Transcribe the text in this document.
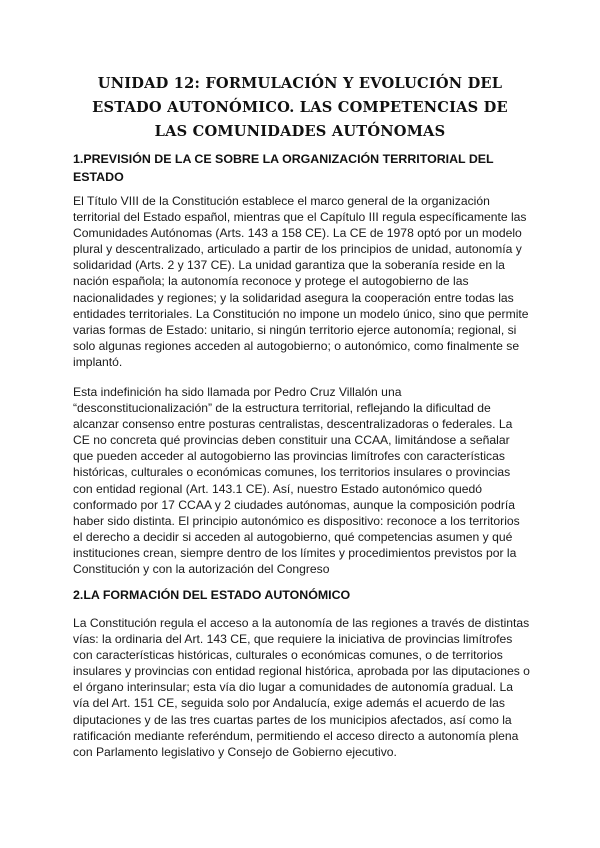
UNIDAD 12: FORMULACIÓN Y EVOLUCIÓN DEL ESTADO AUTONÓMICO. LAS COMPETENCIAS DE LAS COMUNIDADES AUTÓNOMAS
1.PREVISIÓN DE LA CE SOBRE LA ORGANIZACIÓN TERRITORIAL DEL ESTADO

El Título VIII de la Constitución establece el marco general de la organización territorial del Estado español, mientras que el Capítulo III regula específicamente las Comunidades Autónomas (Arts. 143 a 158 CE). La CE de 1978 optó por un modelo plural y descentralizado, articulado a partir de los principios de unidad, autonomía y solidaridad (Arts. 2 y 137 CE). La unidad garantiza que la soberanía reside en la nación española; la autonomía reconoce y protege el autogobierno de las nacionalidades y regiones; y la solidaridad asegura la cooperación entre todas las entidades territoriales. La Constitución no impone un modelo único, sino que permite varias formas de Estado: unitario, si ningún territorio ejerce autonomía; regional, si solo algunas regiones acceden al autogobierno; o autonómico, como finalmente se implantó.

Esta indefinición ha sido llamada por Pedro Cruz Villalón una “desconstitucionalización” de la estructura territorial, reflejando la dificultad de alcanzar consenso entre posturas centralistas, descentralizadoras o federales. La CE no concreta qué provincias deben constituir una CCAA, limitándose a señalar que pueden acceder al autogobierno las provincias limítrofes con características históricas, culturales o económicas comunes, los territorios insulares o provincias con entidad regional (Art. 143.1 CE). Así, nuestro Estado autonómico quedó conformado por 17 CCAA y 2 ciudades autónomas, aunque la composición podría haber sido distinta. El principio autonómico es dispositivo: reconoce a los territorios el derecho a decidir si acceden al autogobierno, qué competencias asumen y qué instituciones crean, siempre dentro de los límites y procedimientos previstos por la Constitución y con la autorización del Congreso

2.LA FORMACIÓN DEL ESTADO AUTONÓMICO

La Constitución regula el acceso a la autonomía de las regiones a través de distintas vías: la ordinaria del Art. 143 CE, que requiere la iniciativa de provincias limítrofes con características históricas, culturales o económicas comunes, o de territorios insulares y provincias con entidad regional histórica, aprobada por las diputaciones o el órgano interinsular; esta vía dio lugar a comunidades de autonomía gradual. La vía del Art. 151 CE, seguida solo por Andalucía, exige además el acuerdo de las diputaciones y de las tres cuartas partes de los municipios afectados, así como la ratificación mediante referéndum, permitiendo el acceso directo a autonomía plena con Parlamento legislativo y Consejo de Gobierno ejecutivo.
